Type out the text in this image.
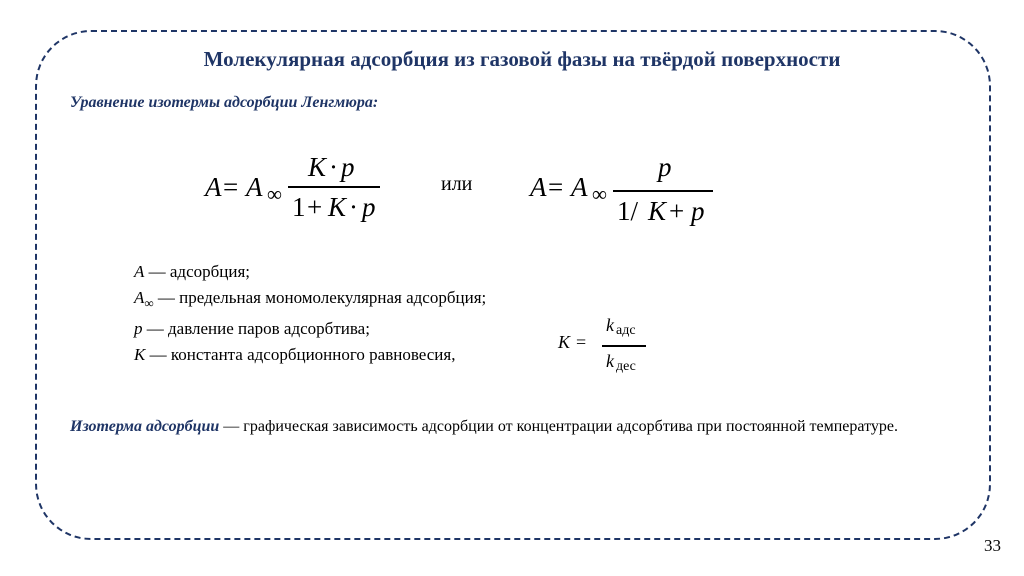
Молекулярная адсорбция из газовой фазы на твёрдой поверхности
Уравнение изотермы адсорбции Ленгмюра:
A = A ∞
K · p
1 + K · p
или A = A ∞
p
1/ K + p
A — адсорбция;
$A_\infty$ — предельная мономолекулярная адсорбция;
p — давление паров адсорбтива;
K — константа адсорбционного равновесия,
K =
k адс
k дес
Изотерма адсорбции — графическая зависимость адсорбции от концентрации адсорбтива при постоянной температуре.
33
